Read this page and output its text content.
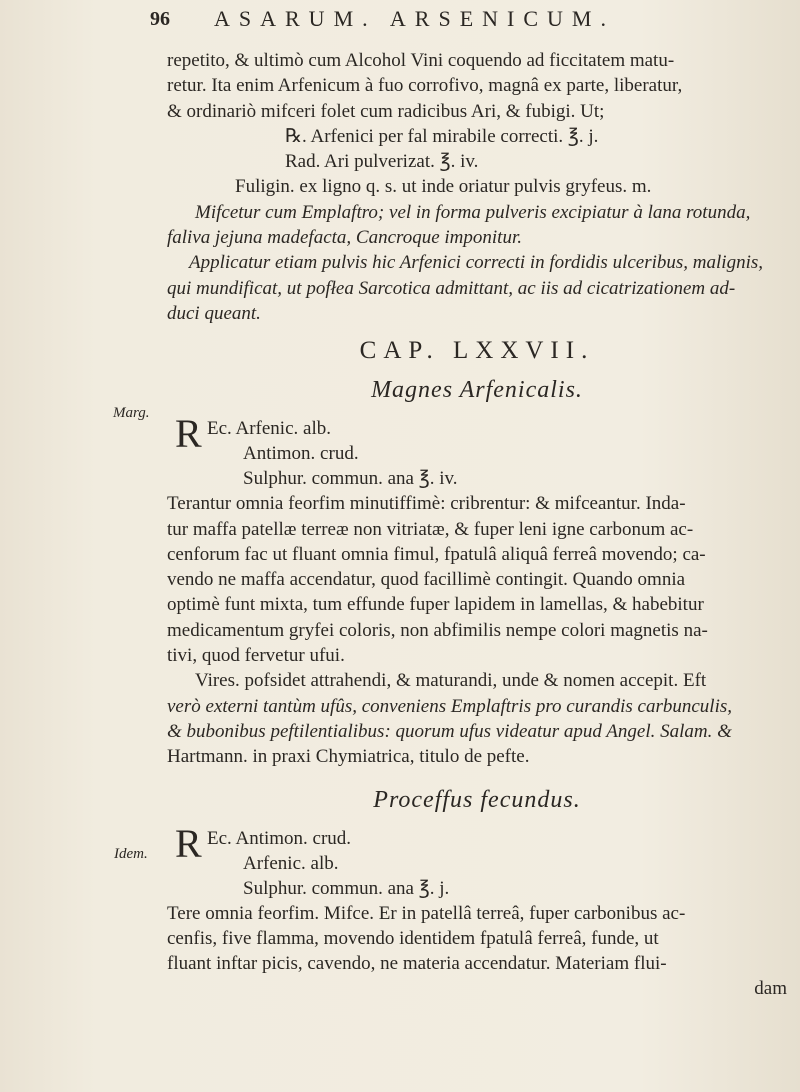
96 ASARUM. ARSENICUM.
Marg.
Idem.
repetito, & ultimò cum Alcohol Vini coquendo ad ficcitatem matu-
retur. Ita enim Arfenicum à fuo corrofivo, magnâ ex parte, liberatur,
& ordinariò mifceri folet cum radicibus Ari, & fubigi. Ut;
℞. Arfenici per fal mirabile correcti. ℥. j.
Rad. Ari pulverizat. ℥. iv.
Fuligin. ex ligno q. s. ut inde oriatur pulvis gryfeus. m.
Mifcetur cum Emplaftro; vel in forma pulveris excipiatur à lana rotunda,
faliva jejuna madefacta, Cancroque imponitur.
Applicatur etiam pulvis hic Arfenici correcti in fordidis ulceribus, malignis,
qui mundificat, ut pofłea Sarcotica admittant, ac iis ad cicatrizationem ad-
duci queant.
CAP. LXXVII.
Magnes Arfenicalis.
R Ec. Arfenic. alb.
Antimon. crud.
Sulphur. commun. ana ℥. iv.
Terantur omnia feorfim minutiffimè: cribrentur: & mifceantur. Inda-
tur maffa patellæ terreæ non vitriatæ, & fuper leni igne carbonum ac-
cenforum fac ut fluant omnia fimul, fpatulâ aliquâ ferreâ movendo; ca-
vendo ne maffa accendatur, quod facillimè contingit. Quando omnia
optimè funt mixta, tum effunde fuper lapidem in lamellas, & habebitur
medicamentum gryfei coloris, non abfimilis nempe colori magnetis na-
tivi, quod fervetur ufui.
Vires. pofsidet attrahendi, & maturandi, unde & nomen accepit. Eft
verò externi tantùm ufûs, conveniens Emplaftris pro curandis carbunculis,
& bubonibus peftilentialibus: quorum ufus videatur apud Angel. Salam. &
Hartmann. in praxi Chymiatrica, titulo de pefte.
Proceffus fecundus.
R Ec. Antimon. crud.
Arfenic. alb.
Sulphur. commun. ana ℥. j.
Tere omnia feorfim. Mifce. Er in patellâ terreâ, fuper carbonibus ac-
cenfis, five flamma, movendo identidem fpatulâ ferreâ, funde, ut
fluant inftar picis, cavendo, ne materia accendatur. Materiam flui-
dam
